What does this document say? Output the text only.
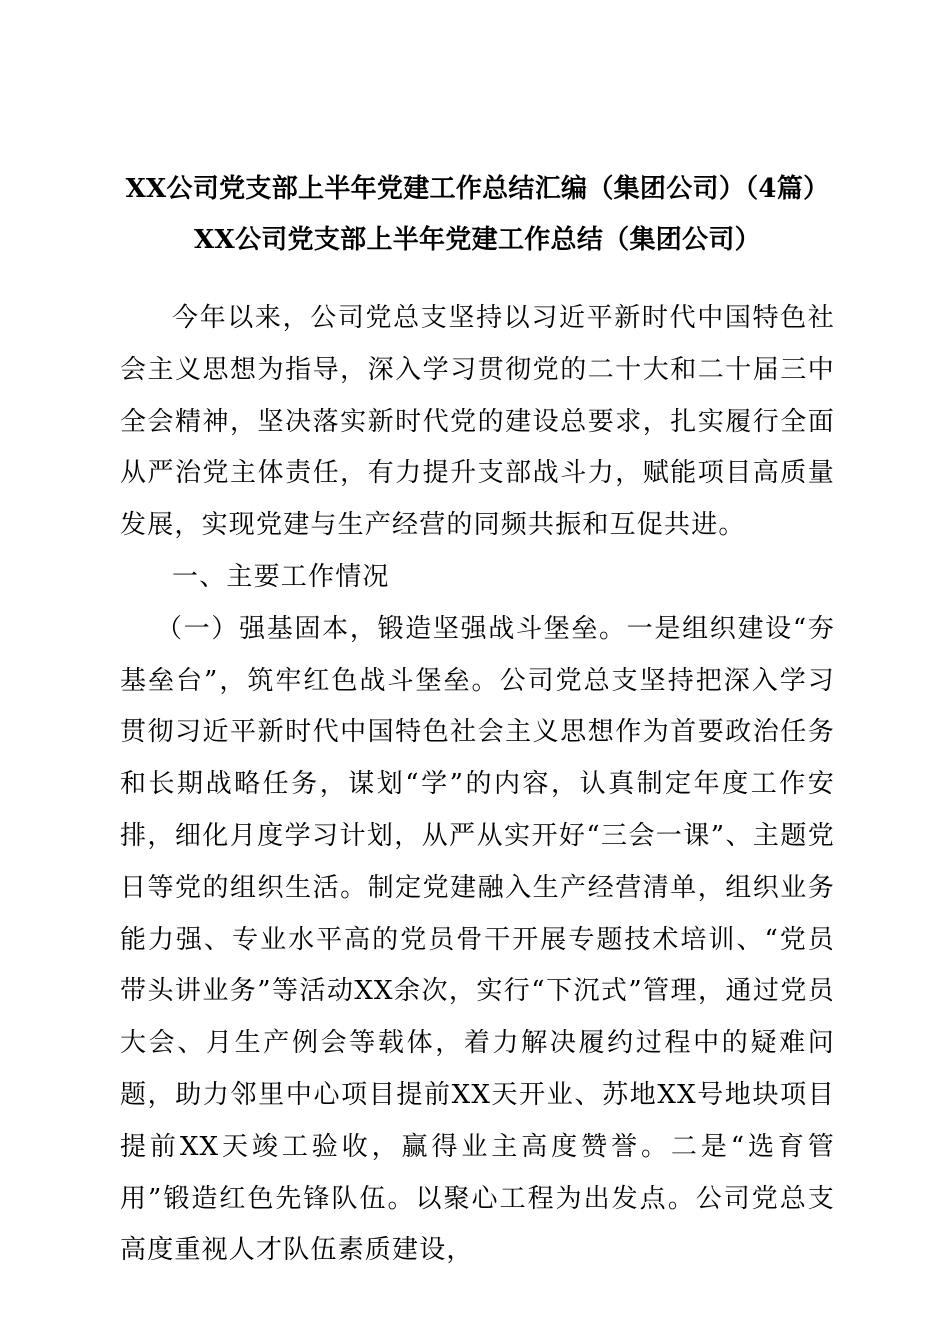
XX公司党支部上半年党建工作总结汇编（集团公司）（4篇）
XX公司党支部上半年党建工作总结（集团公司）

今年以来，公司党总支坚持以习近平新时代中国特色社会主义思想为指导，深入学习贯彻党的二十大和二十届三中全会精神，坚决落实新时代党的建设总要求，扎实履行全面从严治党主体责任，有力提升支部战斗力，赋能项目高质量发展，实现党建与生产经营的同频共振和互促共进。

一、主要工作情况

（一）强基固本，锻造坚强战斗堡垒。一是组织建设“夯基垒台”，筑牢红色战斗堡垒。公司党总支坚持把深入学习贯彻习近平新时代中国特色社会主义思想作为首要政治任务和长期战略任务，谋划“学”的内容，认真制定年度工作安排，细化月度学习计划，从严从实开好“三会一课”、主题党日等党的组织生活。制定党建融入生产经营清单，组织业务能力强、专业水平高的党员骨干开展专题技术培训、“党员带头讲业务”等活动XX余次，实行“下沉式”管理，通过党员大会、月生产例会等载体，着力解决履约过程中的疑难问题，助力邻里中心项目提前XX天开业、苏地XX号地块项目提前XX天竣工验收，赢得业主高度赞誉。二是“选育管用”锻造红色先锋队伍。以聚心工程为出发点。公司党总支高度重视人才队伍素质建设，
